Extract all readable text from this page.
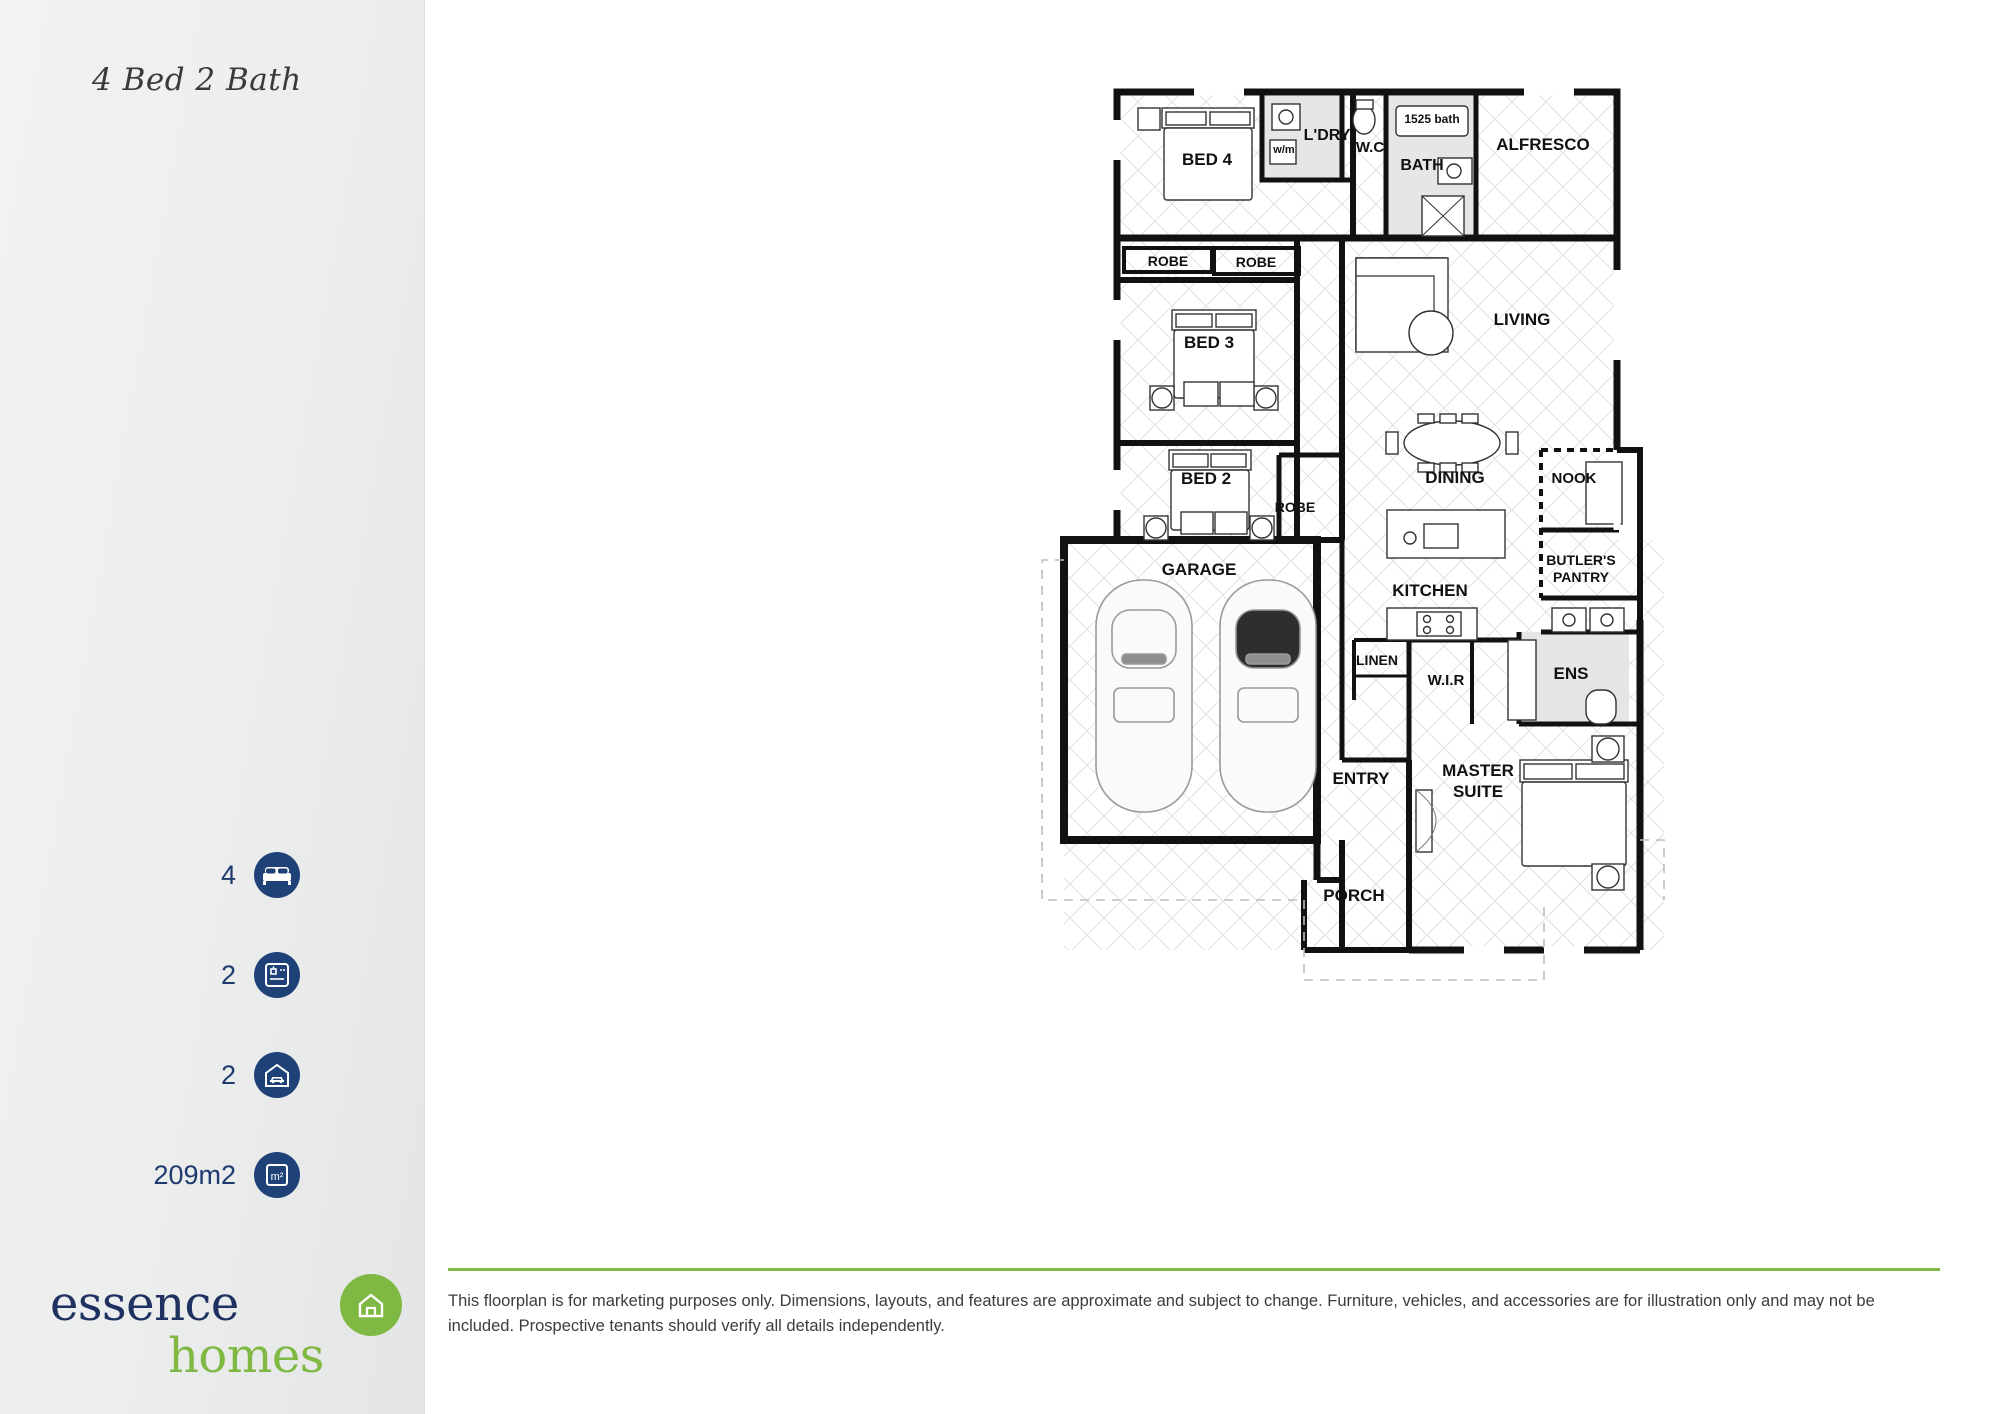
4 Bed 2 Bath
4
2
2
209m2	m²
essence
homes
This floorplan is for marketing purposes only. Dimensions, layouts, and features are approximate and subject to change. Furniture, vehicles, and accessories are for illustration only and may not be included. Prospective tenants should verify all details independently.
BED 4
L'DRY
w/m	W.C
BATH
1525 bath
ALFRESCO
ROBE	ROBE
BED 3
LIVING
BED 2
ROBE
DINING	NOOK
GARAGE	BUTLER'S
PANTRY
KITCHEN
LINEN
ENS
W.I.R
ENTRY	MASTER
SUITE
PORCH
